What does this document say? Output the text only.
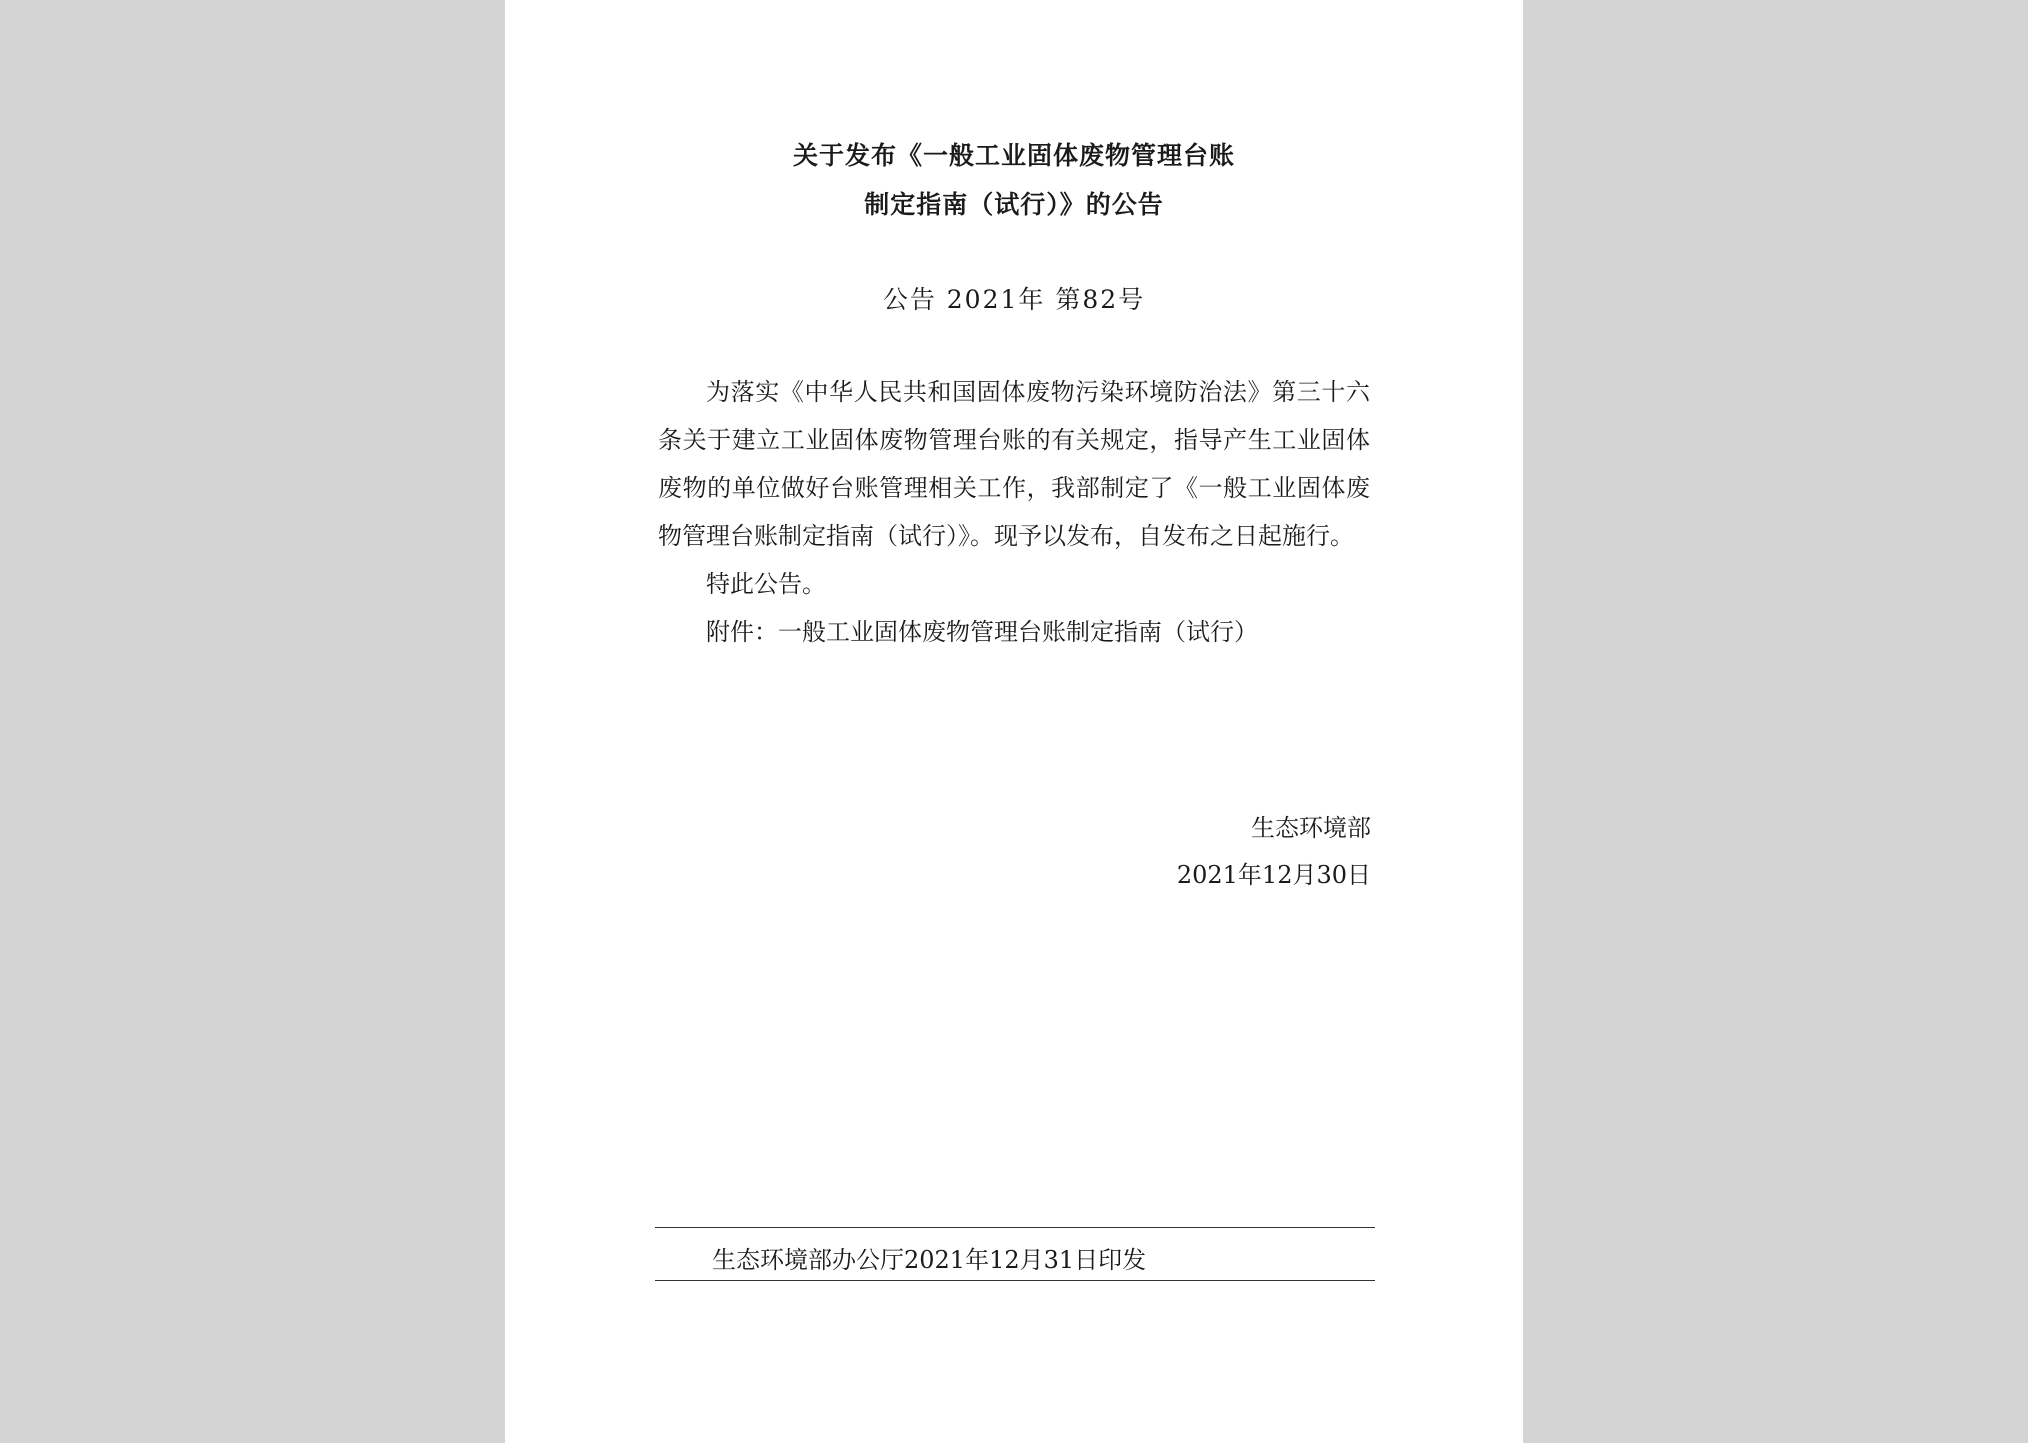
关于发布《一般工业固体废物管理台账
制定指南（试行）》的公告
公告 2021年 第82号

为落实《中华人民共和国固体废物污染环境防治法》第三十六条关于建立工业固体废物管理台账的有关规定，指导产生工业固体废物的单位做好台账管理相关工作，我部制定了《一般工业固体废物管理台账制定指南（试行）》。现予以发布，自发布之日起施行。

特此公告。

附件：一般工业固体废物管理台账制定指南（试行）

生态环境部
2021年12月30日
生态环境部办公厅2021年12月31日印发
